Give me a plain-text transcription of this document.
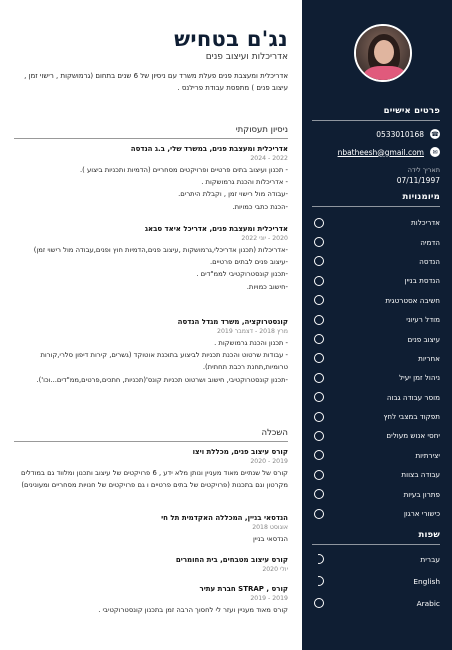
נג'ם בטחיש
אדריכלות ועיצוב פנים
אדריכלית ומעצבת פנים פעלת משרד עם ניסיון של 6 שנים בתחום (גרמושקות , רישוי זמן , עיצוב פנים ) מתפסת עבודת פרילנס .
ניסיון תעסוקתי
אדריכלית ומעצבת פנים, במשרד שלי, ב.ג הנדסה
2022 - 2024
- תכנון ועיצוב בתים פרטיים ופרויקטים מסחריים (הדמיות ותכניות ביצוע ).
- אדריכלות והכנת גרמושקות .
-עבודה מול רישוי זמן , וקבלת היתרים.
-הכנת כתבי כמויות.
אדריכלית ומעצבת פנים, אדריכל איאד סבאג
2020 - יוני 2022
-אדריכלות (תכנון אדריכלי,גרמושקות ,עיצוב פנים,הדמיות חוץ ופנים,עבודה מול רישוי זמן)
-עיצוב פנים לבתים פרטיים.
-תכנון קונסטרוקטיבי לממ"דים .
-חישוב כמויות.
קונסטרוקציה, משרד מגדל הנדסה
מרץ 2018 - דצמבר 2019
- תכנון והכנת גרמושקות .
- עבודות שרטוט והכנת תכניות לביצוע בתוכנת אוטוקד (גשרים, קירות דיפון סלרי,קורות טרומיות,תחנת רכבת תחתית).
-תכנון קונסטרוקטיבי, חישוב ושרטוט תכניות קונס'(תכניות, חתכים,פרטים,ממ"דים...וכו').
השכלה
קורס עיצוב פנים, מכללת ויצו
2019 - 2020
קורס של שנתיים מאוד מעניין ונותן מלא ידע , 6 פרויקטים של עיצוב ותכנון ומלווד גם במודלים מקרטון וגם בתכנות (פרויקטים של בתים פרטיים ו גם פרויקטים של חנויות מסחריים ומעונינים)
הנדסאי בניין, המכללה האקדמית תל חי
אוגוסט 2018
הנדסאי בניין
קורס עיצוב מטבחים, בית החומרים
יולי 2020
קורס , STRAP חברת עתיר
2019 - 2019
קורס מאוד מעניין ועזר לי לחסוך הרבה זמן בתכנון קונסטרוקטיבי .
פרטים אישיים
☎
0533010168
✉
nbatheesh@gmail.com
תאריך לידה
07/11/1997
מיומנויות
אדריכלות
הדמיה
הנדסה
הנדסת בניין
חשיבה אסטרטגית
מודל רעיוני
עיצוב פנים
אחריות
ניהול זמן יעיל
מוסר עבודה גבוה
תפקוד במצבי לחץ
יחסי אנוש מעולים
יצירתיות
עבודה בצוות
פתרון בעיות
כישורי ארגון
שפות
עברית
English
Arabic
